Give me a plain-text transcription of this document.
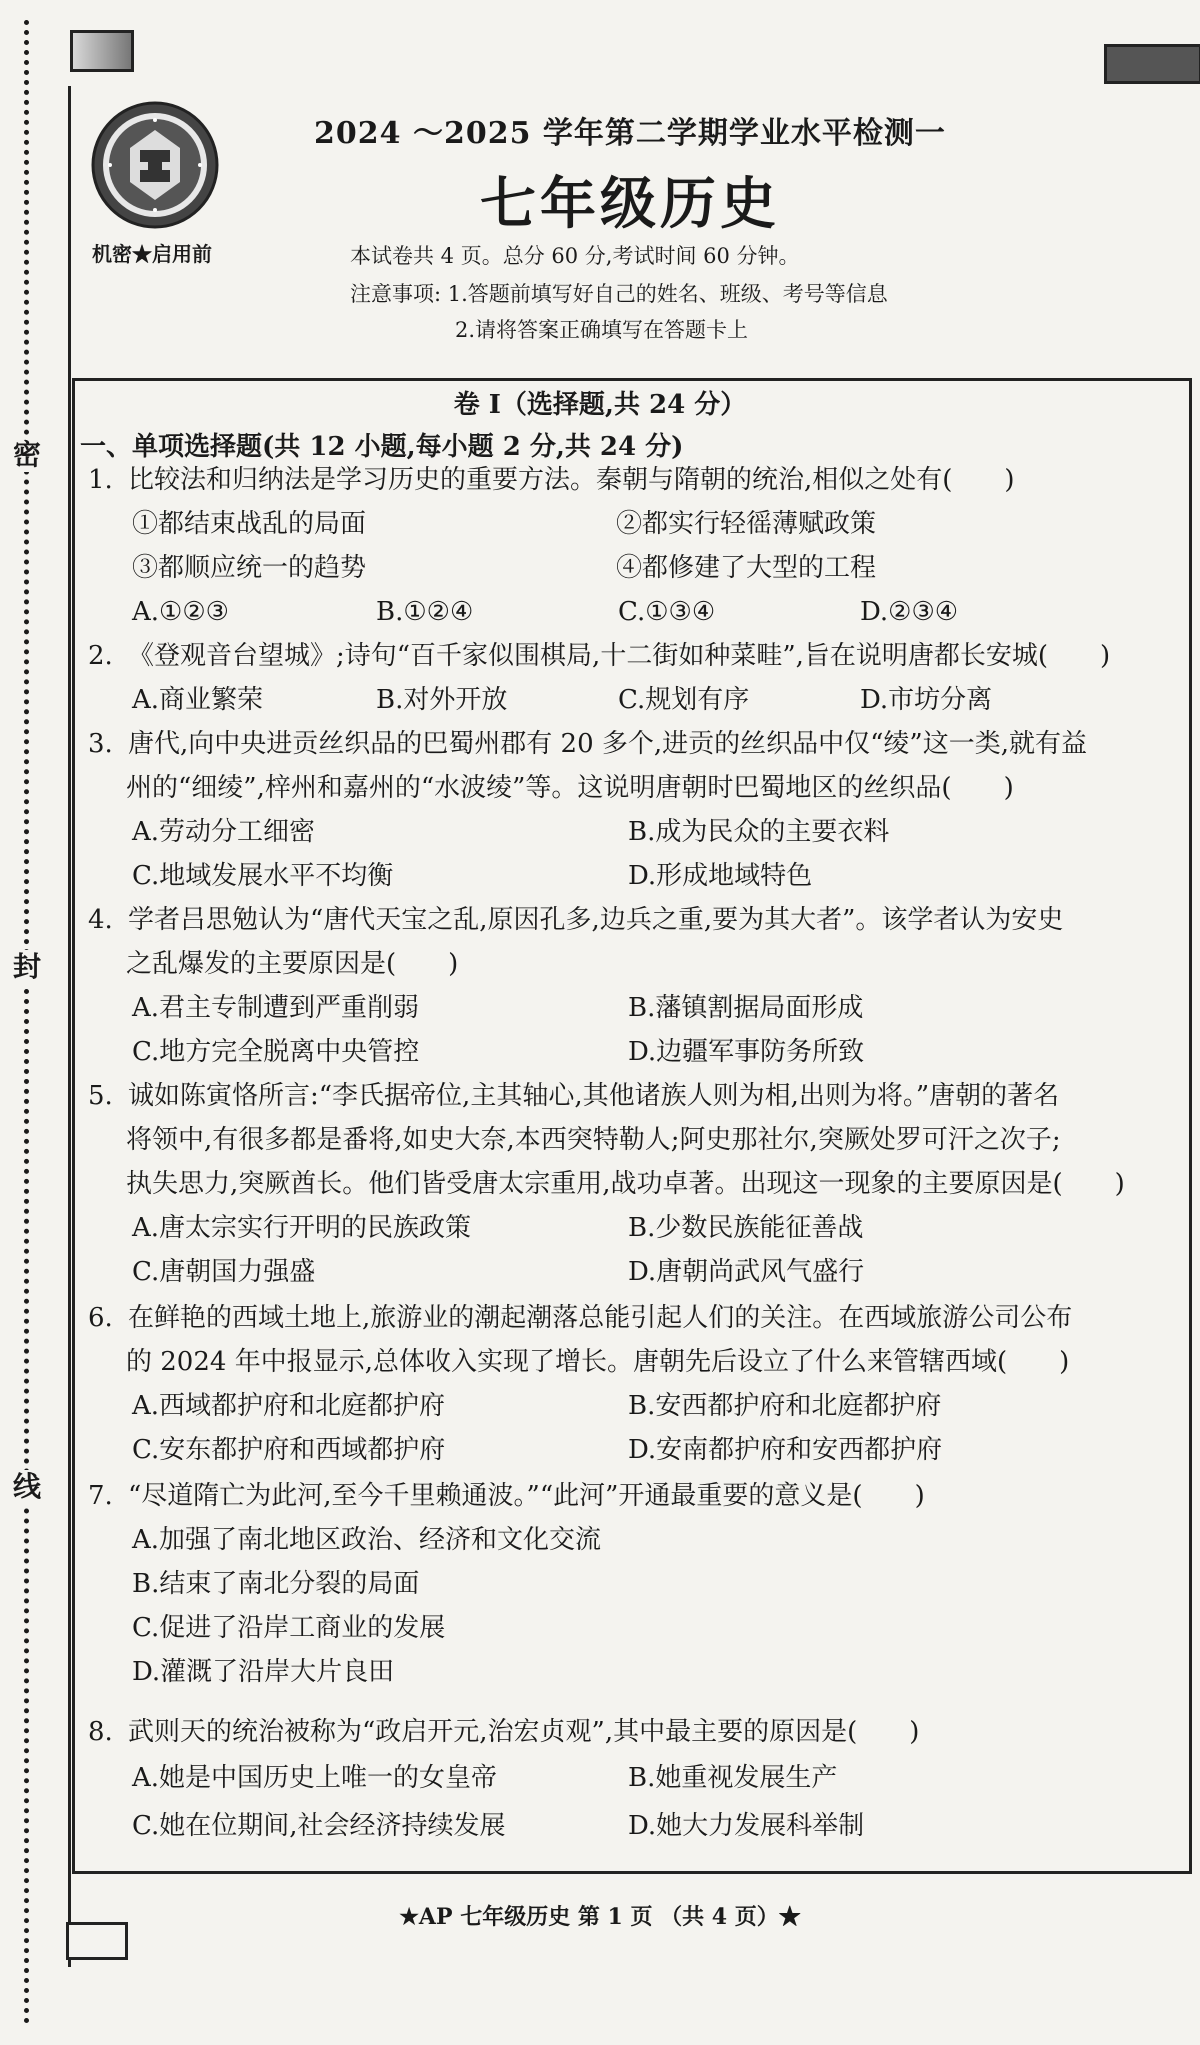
密
封
线
机密★启用前
2024 ～2025 学年第二学期学业水平检测一
七年级历史
本试卷共 4 页。总分 60 分,考试时间 60 分钟。
注意事项: 1.答题前填写好自己的姓名、班级、考号等信息
2.请将答案正确填写在答题卡上
卷 I（选择题,共 24 分）
一、单项选择题(共 12 小题,每小题 2 分,共 24 分)
1. 比较法和归纳法是学习历史的重要方法。秦朝与隋朝的统治,相似之处有(　　)
①都结束战乱的局面	②都实行轻徭薄赋政策
③都顺应统一的趋势	④都修建了大型的工程
A.①②③	B.①②④	C.①③④	D.②③④
2. 《登观音台望城》;诗句“百千家似围棋局,十二街如种菜畦”,旨在说明唐都长安城(　　)
A.商业繁荣	B.对外开放	C.规划有序	D.市坊分离
3. 唐代,向中央进贡丝织品的巴蜀州郡有 20 多个,进贡的丝织品中仅“绫”这一类,就有益
州的“细绫”,梓州和嘉州的“水波绫”等。这说明唐朝时巴蜀地区的丝织品(　　)
A.劳动分工细密	B.成为民众的主要衣料
C.地域发展水平不均衡	D.形成地域特色
4. 学者吕思勉认为“唐代天宝之乱,原因孔多,边兵之重,要为其大者”。该学者认为安史
之乱爆发的主要原因是(　　)
A.君主专制遭到严重削弱	B.藩镇割据局面形成
C.地方完全脱离中央管控	D.边疆军事防务所致
5. 诚如陈寅恪所言:“李氏据帝位,主其轴心,其他诸族人则为相,出则为将。”唐朝的著名
将领中,有很多都是番将,如史大奈,本西突特勒人;阿史那社尔,突厥处罗可汗之次子;
执失思力,突厥酋长。他们皆受唐太宗重用,战功卓著。出现这一现象的主要原因是(　　)
A.唐太宗实行开明的民族政策	B.少数民族能征善战
C.唐朝国力强盛	D.唐朝尚武风气盛行
6. 在鲜艳的西域土地上,旅游业的潮起潮落总能引起人们的关注。在西域旅游公司公布
的 2024 年中报显示,总体收入实现了增长。唐朝先后设立了什么来管辖西域(　　)
A.西域都护府和北庭都护府	B.安西都护府和北庭都护府
C.安东都护府和西域都护府	D.安南都护府和安西都护府
7. “尽道隋亡为此河,至今千里赖通波。”“此河”开通最重要的意义是(　　)
A.加强了南北地区政治、经济和文化交流
B.结束了南北分裂的局面
C.促进了沿岸工商业的发展
D.灌溉了沿岸大片良田
8. 武则天的统治被称为“政启开元,治宏贞观”,其中最主要的原因是(　　)
A.她是中国历史上唯一的女皇帝	B.她重视发展生产
C.她在位期间,社会经济持续发展	D.她大力发展科举制
★AP 七年级历史 第 1 页 （共 4 页）★
